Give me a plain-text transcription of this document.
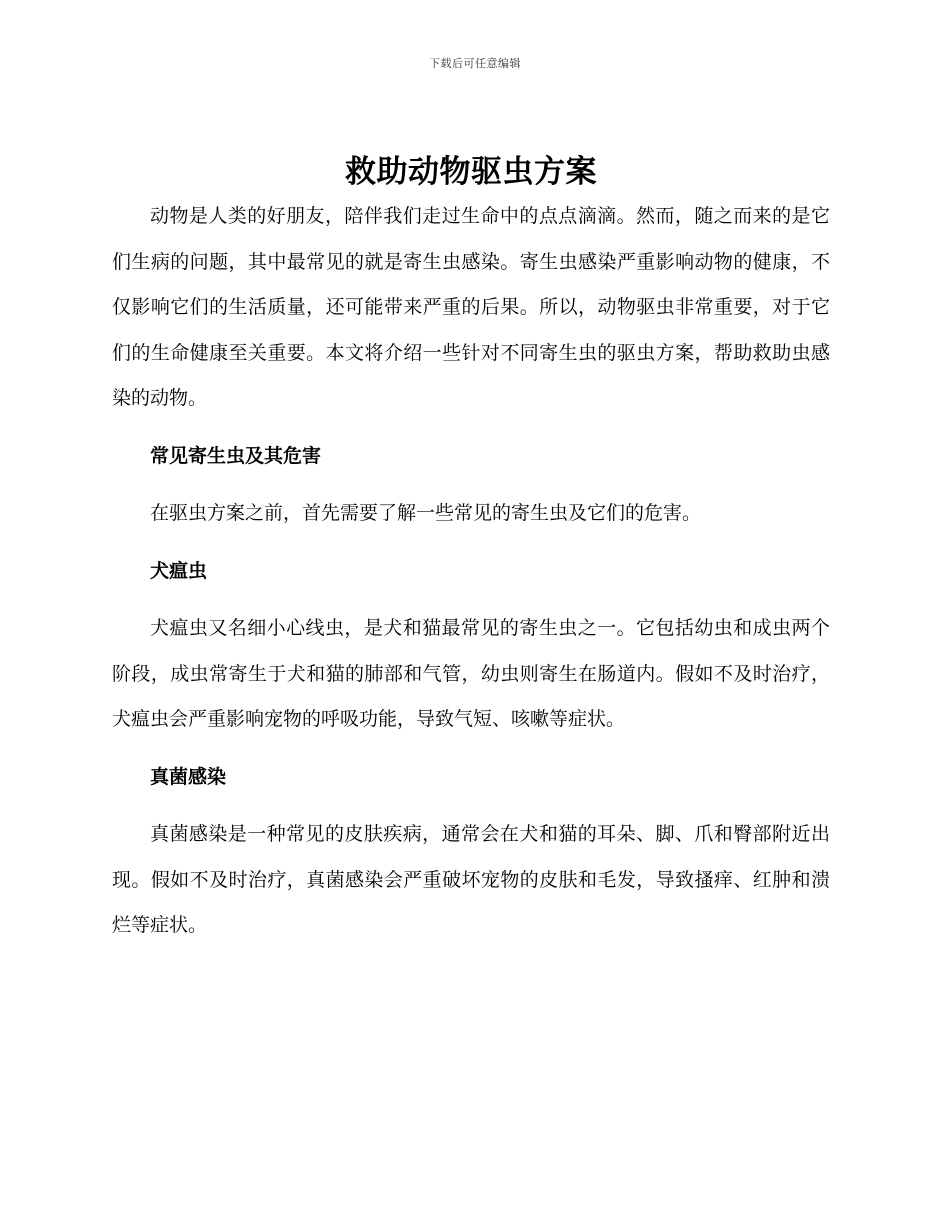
下载后可任意编辑
救助动物驱虫方案

动物是人类的好朋友，陪伴我们走过生命中的点点滴滴。然而，随之而来的是它们生病的问题，其中最常见的就是寄生虫感染。寄生虫感染严重影响动物的健康，不仅影响它们的生活质量，还可能带来严重的后果。所以，动物驱虫非常重要，对于它们的生命健康至关重要。本文将介绍一些针对不同寄生虫的驱虫方案，帮助救助虫感染的动物。

常见寄生虫及其危害

在驱虫方案之前，首先需要了解一些常见的寄生虫及它们的危害。

犬瘟虫

犬瘟虫又名细小心线虫，是犬和猫最常见的寄生虫之一。它包括幼虫和成虫两个阶段，成虫常寄生于犬和猫的肺部和气管，幼虫则寄生在肠道内。假如不及时治疗，犬瘟虫会严重影响宠物的呼吸功能，导致气短、咳嗽等症状。

真菌感染

真菌感染是一种常见的皮肤疾病，通常会在犬和猫的耳朵、脚、爪和臀部附近出现。假如不及时治疗，真菌感染会严重破坏宠物的皮肤和毛发，导致搔痒、红肿和溃烂等症状。
